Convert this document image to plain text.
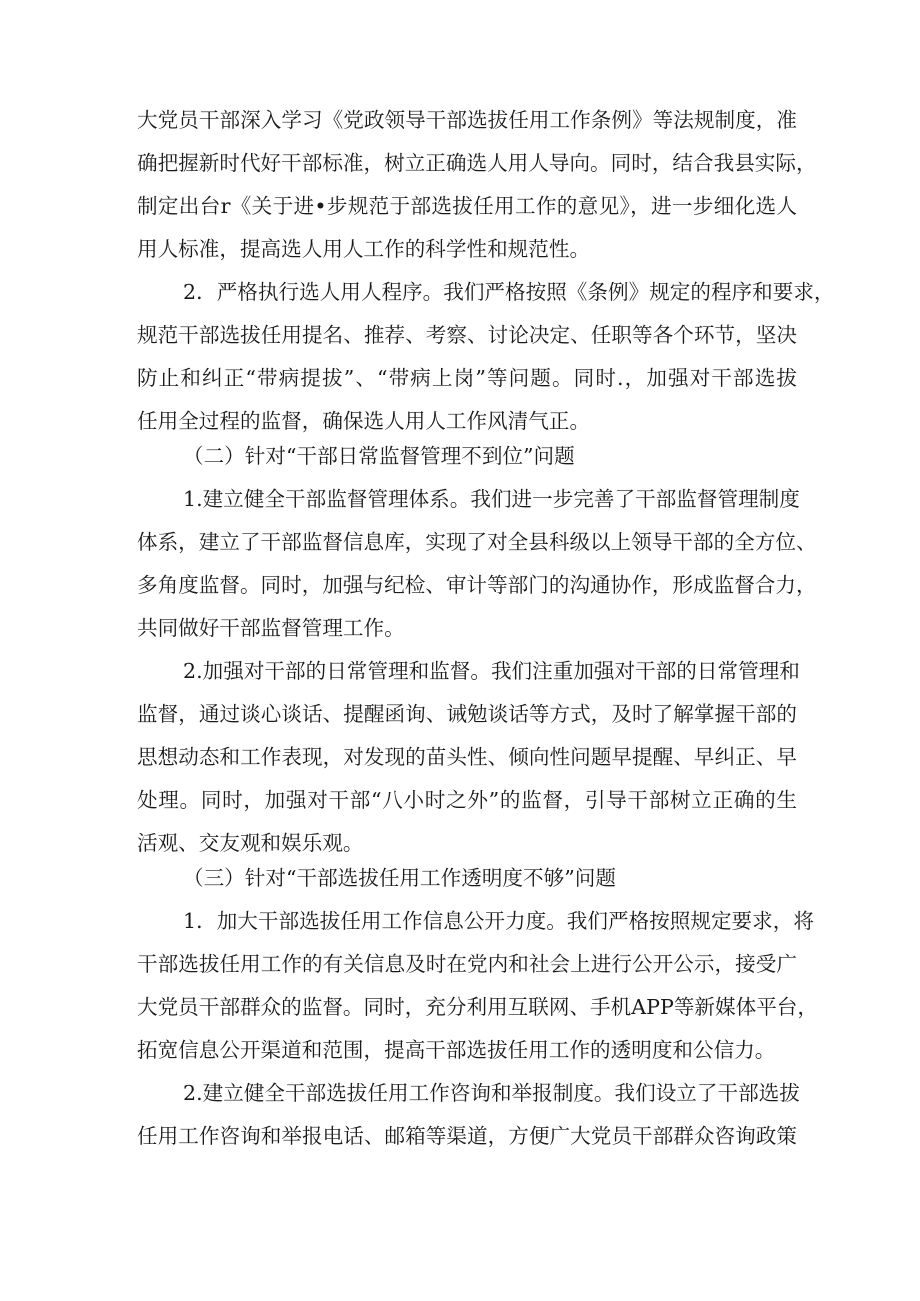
大党员干部深入学习《党政领导干部选拔任用工作条例》等法规制度，准
确把握新时代好干部标准，树立正确选人用人导向。同时，结合我县实际，
制定出台r《关于进•步规范于部选拔任用工作的意见》，进一步细化选人
用人标准，提高选人用人工作的科学性和规范性。
2．严格执行选人用人程序。我们严格按照《条例》规定的程序和要求，
规范干部选拔任用提名、推荐、考察、讨论决定、任职等各个环节，坚决
防止和纠正“带病提拔”、“带病上岗”等问题。同时.，加强对干部选拔
任用全过程的监督，确保选人用人工作风清气正。
（二）针对“干部日常监督管理不到位”问题
1.建立健全干部监督管理体系。我们进一步完善了干部监督管理制度
体系，建立了干部监督信息库，实现了对全县科级以上领导干部的全方位、
多角度监督。同时，加强与纪检、审计等部门的沟通协作，形成监督合力，
共同做好干部监督管理工作。
2.加强对干部的日常管理和监督。我们注重加强对干部的日常管理和
监督，通过谈心谈话、提醒函询、诫勉谈话等方式，及时了解掌握干部的
思想动态和工作表现，对发现的苗头性、倾向性问题早提醒、早纠正、早
处理。同时，加强对干部“八小时之外”的监督，引导干部树立正确的生
活观、交友观和娱乐观。
（三）针对“干部选拔任用工作透明度不够”问题
1．加大干部选拔任用工作信息公开力度。我们严格按照规定要求，将
干部选拔任用工作的有关信息及时在党内和社会上进行公开公示，接受广
大党员干部群众的监督。同时，充分利用互联网、手机APP等新媒体平台，
拓宽信息公开渠道和范围，提高干部选拔任用工作的透明度和公信力。
2.建立健全干部选拔任用工作咨询和举报制度。我们设立了干部选拔
任用工作咨询和举报电话、邮箱等渠道，方便广大党员干部群众咨询政策
